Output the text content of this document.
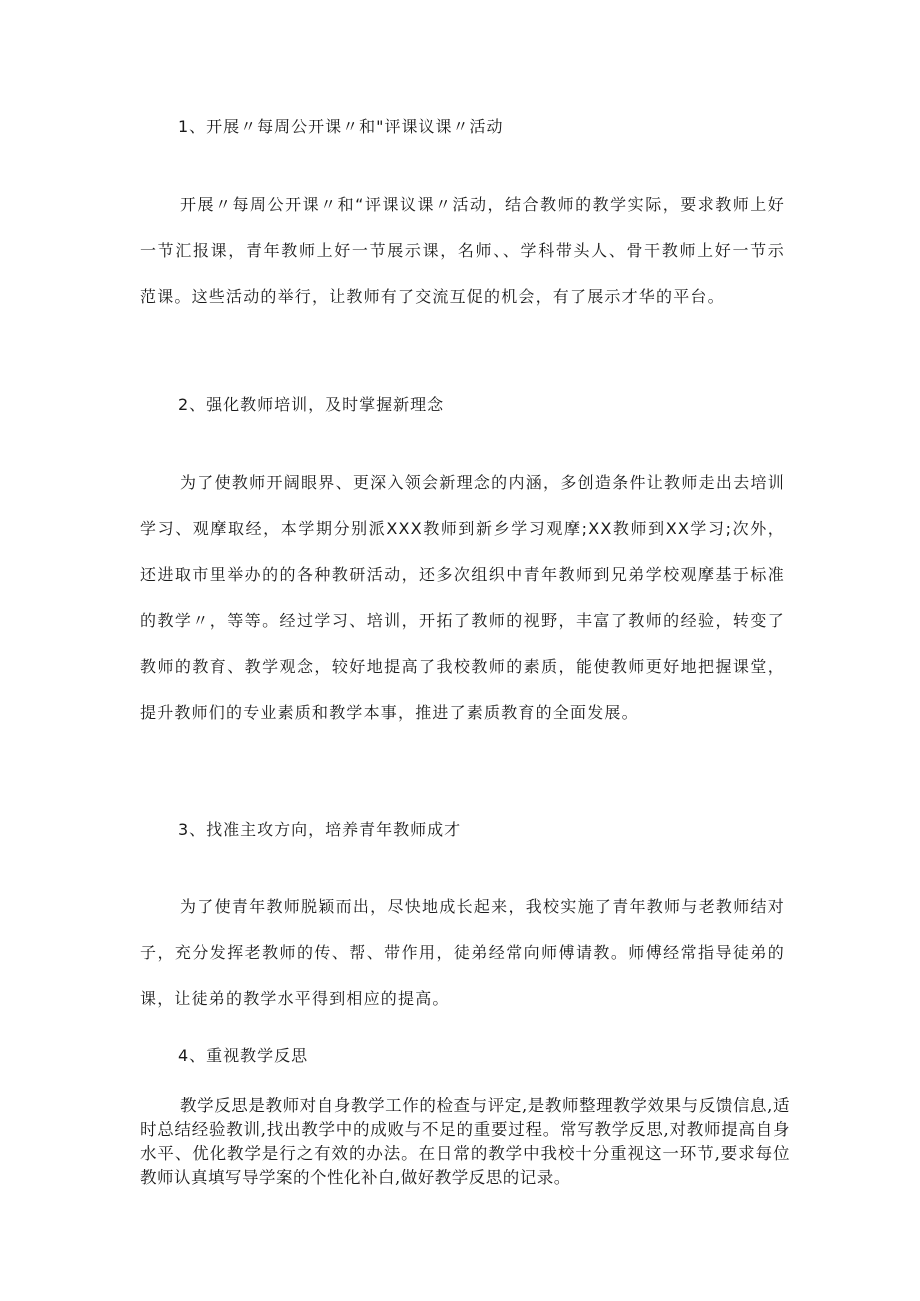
1、开展〃每周公开课〃和"评课议课〃活动

开展〃每周公开课〃和“评课议课〃活动，结合教师的教学实际，要求教师上好一节汇报课，青年教师上好一节展示课，名师、、学科带头人、骨干教师上好一节示范课。这些活动的举行，让教师有了交流互促的机会，有了展示才华的平台。

2、强化教师培训，及时掌握新理念

为了使教师开阔眼界、更深入领会新理念的内涵，多创造条件让教师走出去培训学习、观摩取经，本学期分别派XXX教师到新乡学习观摩;XX教师到XX学习;次外，还进取市里举办的的各种教研活动，还多次组织中青年教师到兄弟学校观摩基于标准的教学〃，等等。经过学习、培训，开拓了教师的视野，丰富了教师的经验，转变了教师的教育、教学观念，较好地提高了我校教师的素质，能使教师更好地把握课堂，提升教师们的专业素质和教学本事，推进了素质教育的全面发展。

3、找准主攻方向，培养青年教师成才

为了使青年教师脱颖而出，尽快地成长起来，我校实施了青年教师与老教师结对子，充分发挥老教师的传、帮、带作用，徒弟经常向师傅请教。师傅经常指导徒弟的课，让徒弟的教学水平得到相应的提高。

4、重视教学反思

教学反思是教师对自身教学工作的检查与评定,是教师整理教学效果与反馈信息,适时总结经验教训,找出教学中的成败与不足的重要过程。常写教学反思,对教师提高自身水平、优化教学是行之有效的办法。在日常的教学中我校十分重视这一环节,要求每位教师认真填写导学案的个性化补白,做好教学反思的记录。
